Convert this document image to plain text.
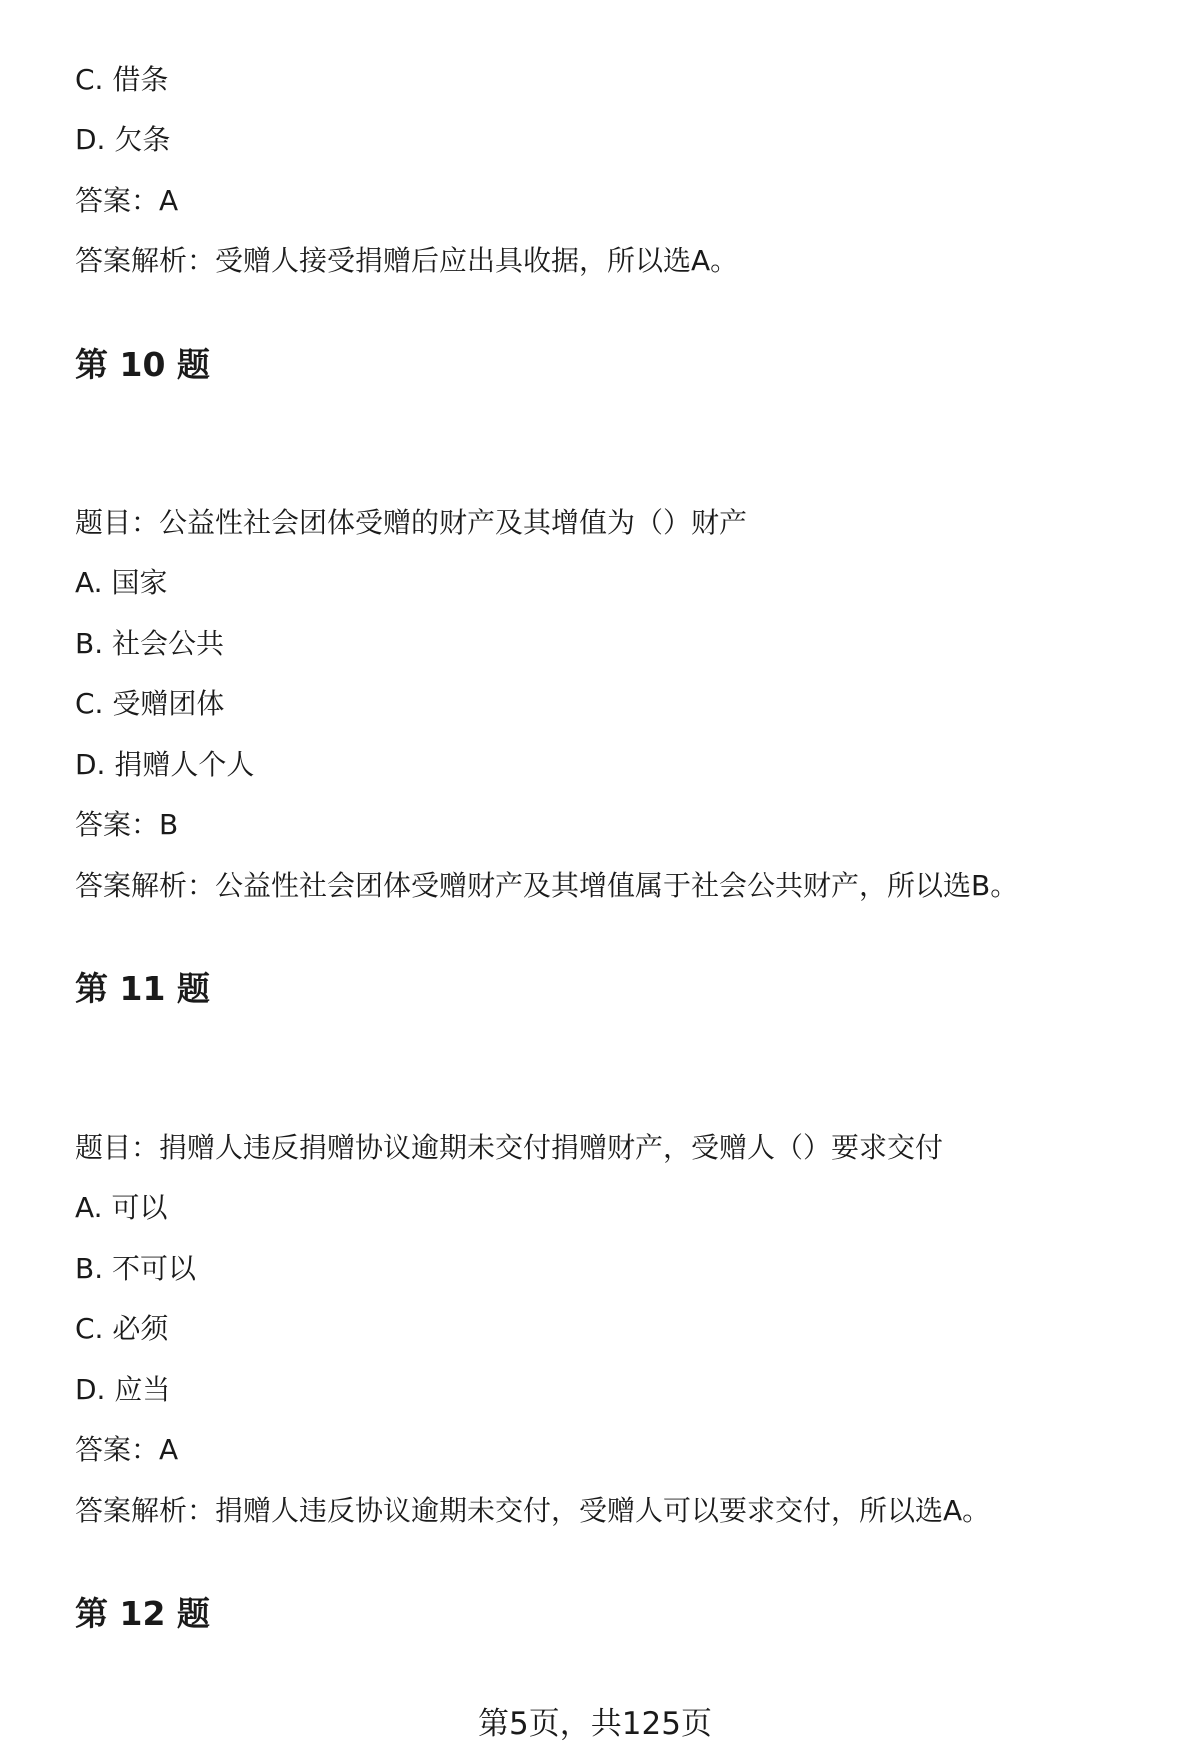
C. 借条
D. 欠条
答案：A
答案解析：受赠人接受捐赠后应出具收据，所以选A。
第 10 题
题目：公益性社会团体受赠的财产及其增值为（）财产
A. 国家
B. 社会公共
C. 受赠团体
D. 捐赠人个人
答案：B
答案解析：公益性社会团体受赠财产及其增值属于社会公共财产，所以选B。
第 11 题
题目：捐赠人违反捐赠协议逾期未交付捐赠财产，受赠人（）要求交付
A. 可以
B. 不可以
C. 必须
D. 应当
答案：A
答案解析：捐赠人违反协议逾期未交付，受赠人可以要求交付，所以选A。
第 12 题
第5页，共125页
